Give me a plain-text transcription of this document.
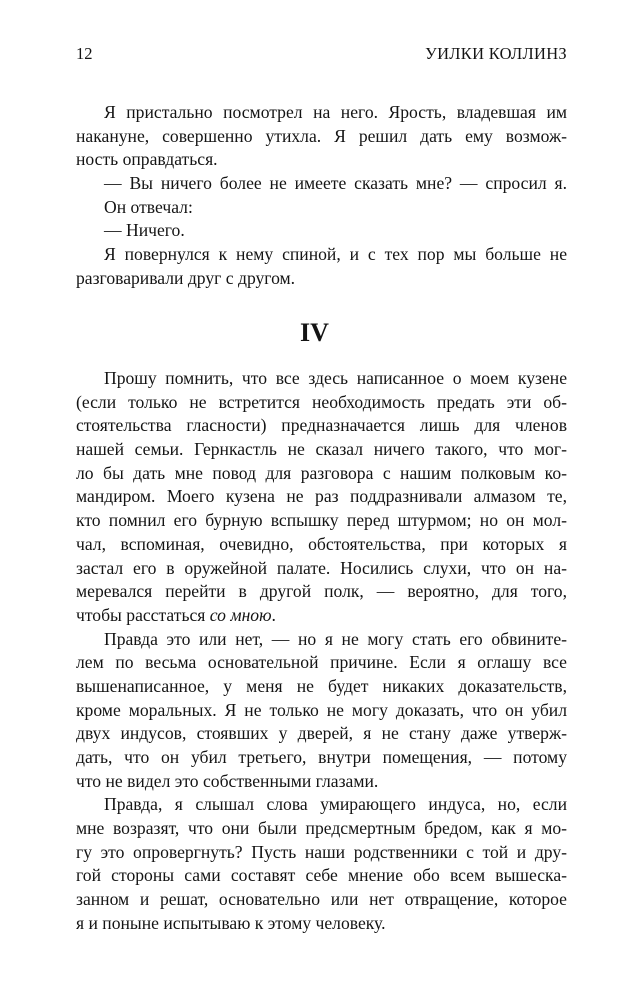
12	УИЛКИ КОЛЛИНЗ
Я пристально посмотрел на него. Ярость, владевшая им
накануне, совершенно утихла. Я решил дать ему возмож-
ность оправдаться.
— Вы ничего более не имеете сказать мне? — спросил я.
Он отвечал:
— Ничего.
Я повернулся к нему спиной, и с тех пор мы больше не
разговаривали друг с другом.
IV
Прошу помнить, что все здесь написанное о моем кузене
(если только не встретится необходимость предать эти об-
стоятельства гласности) предназначается лишь для членов
нашей семьи. Гернкастль не сказал ничего такого, что мог-
ло бы дать мне повод для разговора с нашим полковым ко-
мандиром. Моего кузена не раз поддразнивали алмазом те,
кто помнил его бурную вспышку перед штурмом; но он мол-
чал, вспоминая, очевидно, обстоятельства, при которых я
застал его в оружейной палате. Носились слухи, что он на-
меревался перейти в другой полк, — вероятно, для того,
чтобы расстаться со мною.
Правда это или нет, — но я не могу стать его обвините-
лем по весьма основательной причине. Если я оглашу все
вышенаписанное, у меня не будет никаких доказательств,
кроме моральных. Я не только не могу доказать, что он убил
двух индусов, стоявших у дверей, я не стану даже утверж-
дать, что он убил третьего, внутри помещения, — потому
что не видел это собственными глазами.
Правда, я слышал слова умирающего индуса, но, если
мне возразят, что они были предсмертным бредом, как я мо-
гу это опровергнуть? Пусть наши родственники с той и дру-
гой стороны сами составят себе мнение обо всем вышеска-
занном и решат, основательно или нет отвращение, которое
я и поныне испытываю к этому человеку.
